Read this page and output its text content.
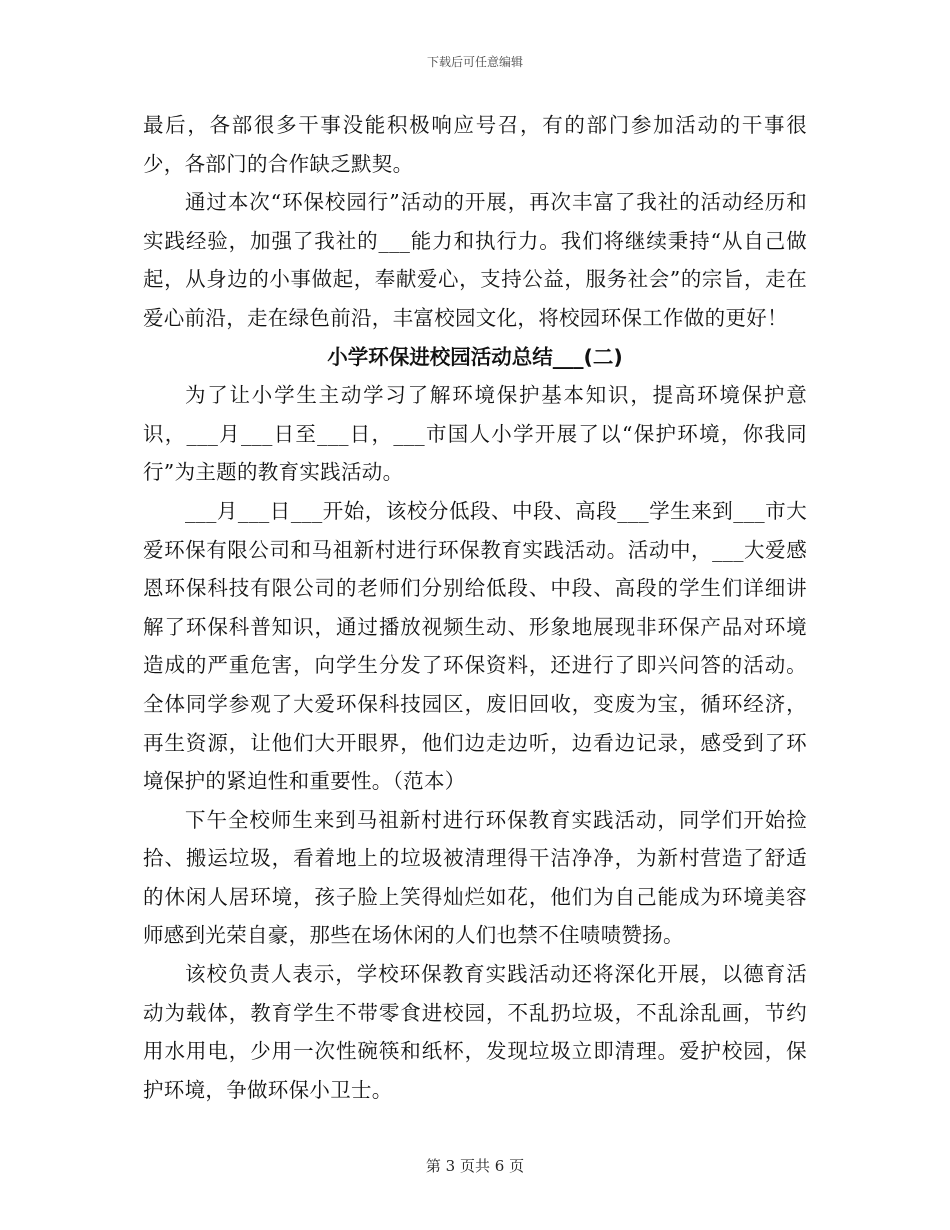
下载后可任意编辑

最后，各部很多干事没能积极响应号召，有的部门参加活动的干事很少，各部门的合作缺乏默契。

通过本次“环保校园行”活动的开展，再次丰富了我社的活动经历和实践经验，加强了我社的___能力和执行力。我们将继续秉持“从自己做起，从身边的小事做起，奉献爱心，支持公益，服务社会”的宗旨，走在爱心前沿，走在绿色前沿，丰富校园文化，将校园环保工作做的更好！

小学环保进校园活动总结___(二)

为了让小学生主动学习了解环境保护基本知识，提高环境保护意识，___月___日至___日，___市国人小学开展了以“保护环境，你我同行”为主题的教育实践活动。

___月___日___开始，该校分低段、中段、高段___学生来到___市大爱环保有限公司和马祖新村进行环保教育实践活动。活动中，___大爱感恩环保科技有限公司的老师们分别给低段、中段、高段的学生们详细讲解了环保科普知识，通过播放视频生动、形象地展现非环保产品对环境造成的严重危害，向学生分发了环保资料，还进行了即兴问答的活动。全体同学参观了大爱环保科技园区，废旧回收，变废为宝，循环经济，再生资源，让他们大开眼界，他们边走边听，边看边记录，感受到了环境保护的紧迫性和重要性。（范本）

下午全校师生来到马祖新村进行环保教育实践活动，同学们开始捡拾、搬运垃圾，看着地上的垃圾被清理得干洁净净，为新村营造了舒适的休闲人居环境，孩子脸上笑得灿烂如花，他们为自己能成为环境美容师感到光荣自豪，那些在场休闲的人们也禁不住啧啧赞扬。

该校负责人表示，学校环保教育实践活动还将深化开展，以德育活动为载体，教育学生不带零食进校园，不乱扔垃圾，不乱涂乱画，节约用水用电，少用一次性碗筷和纸杯，发现垃圾立即清理。爱护校园，保护环境，争做环保小卫士。

第 3 页共 6 页
